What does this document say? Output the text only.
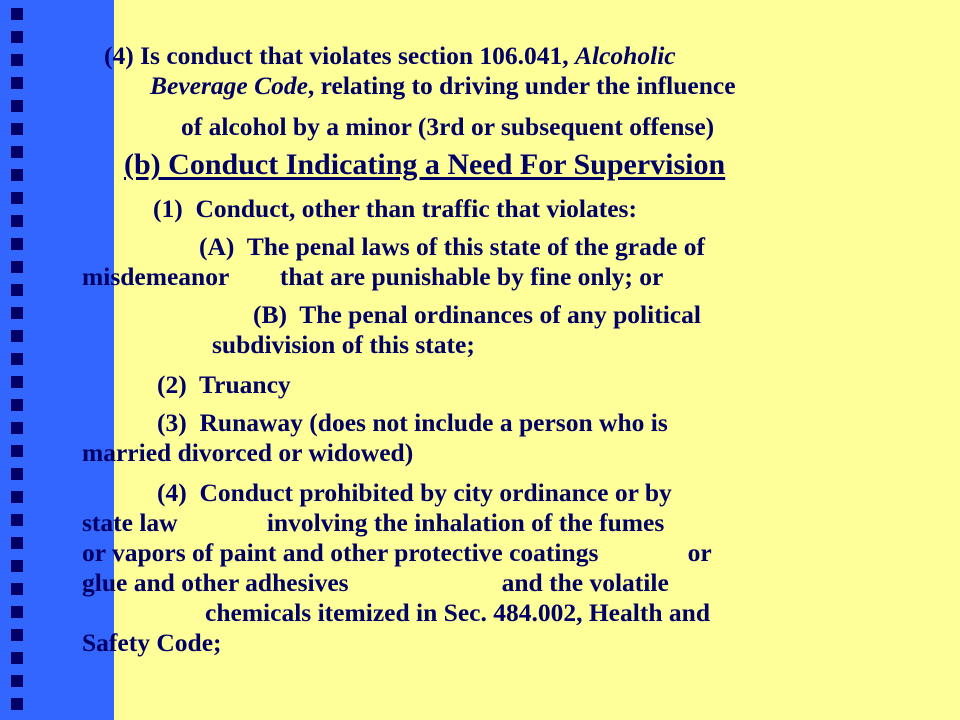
(4) Is conduct that violates section 106.041, Alcoholic
Beverage Code, relating to driving under the influence
of alcohol by a minor (3rd or subsequent offense)
(b) Conduct Indicating a Need For Supervision
(1)  Conduct, other than traffic that violates:
(A)  The penal laws of this state of the grade of
misdemeanor        that are punishable by fine only; or
(B)  The penal ordinances of any political
subdivision of this state;
(2)  Truancy
(3)  Runaway (does not include a person who is
married divorced or widowed)
(4)  Conduct prohibited by city ordinance or by
state law              involving the inhalation of the fumes
or vapors of paint and other protective coatings              or
glue and other adhesives                        and the volatile
chemicals itemized in Sec. 484.002, Health and
Safety Code;
